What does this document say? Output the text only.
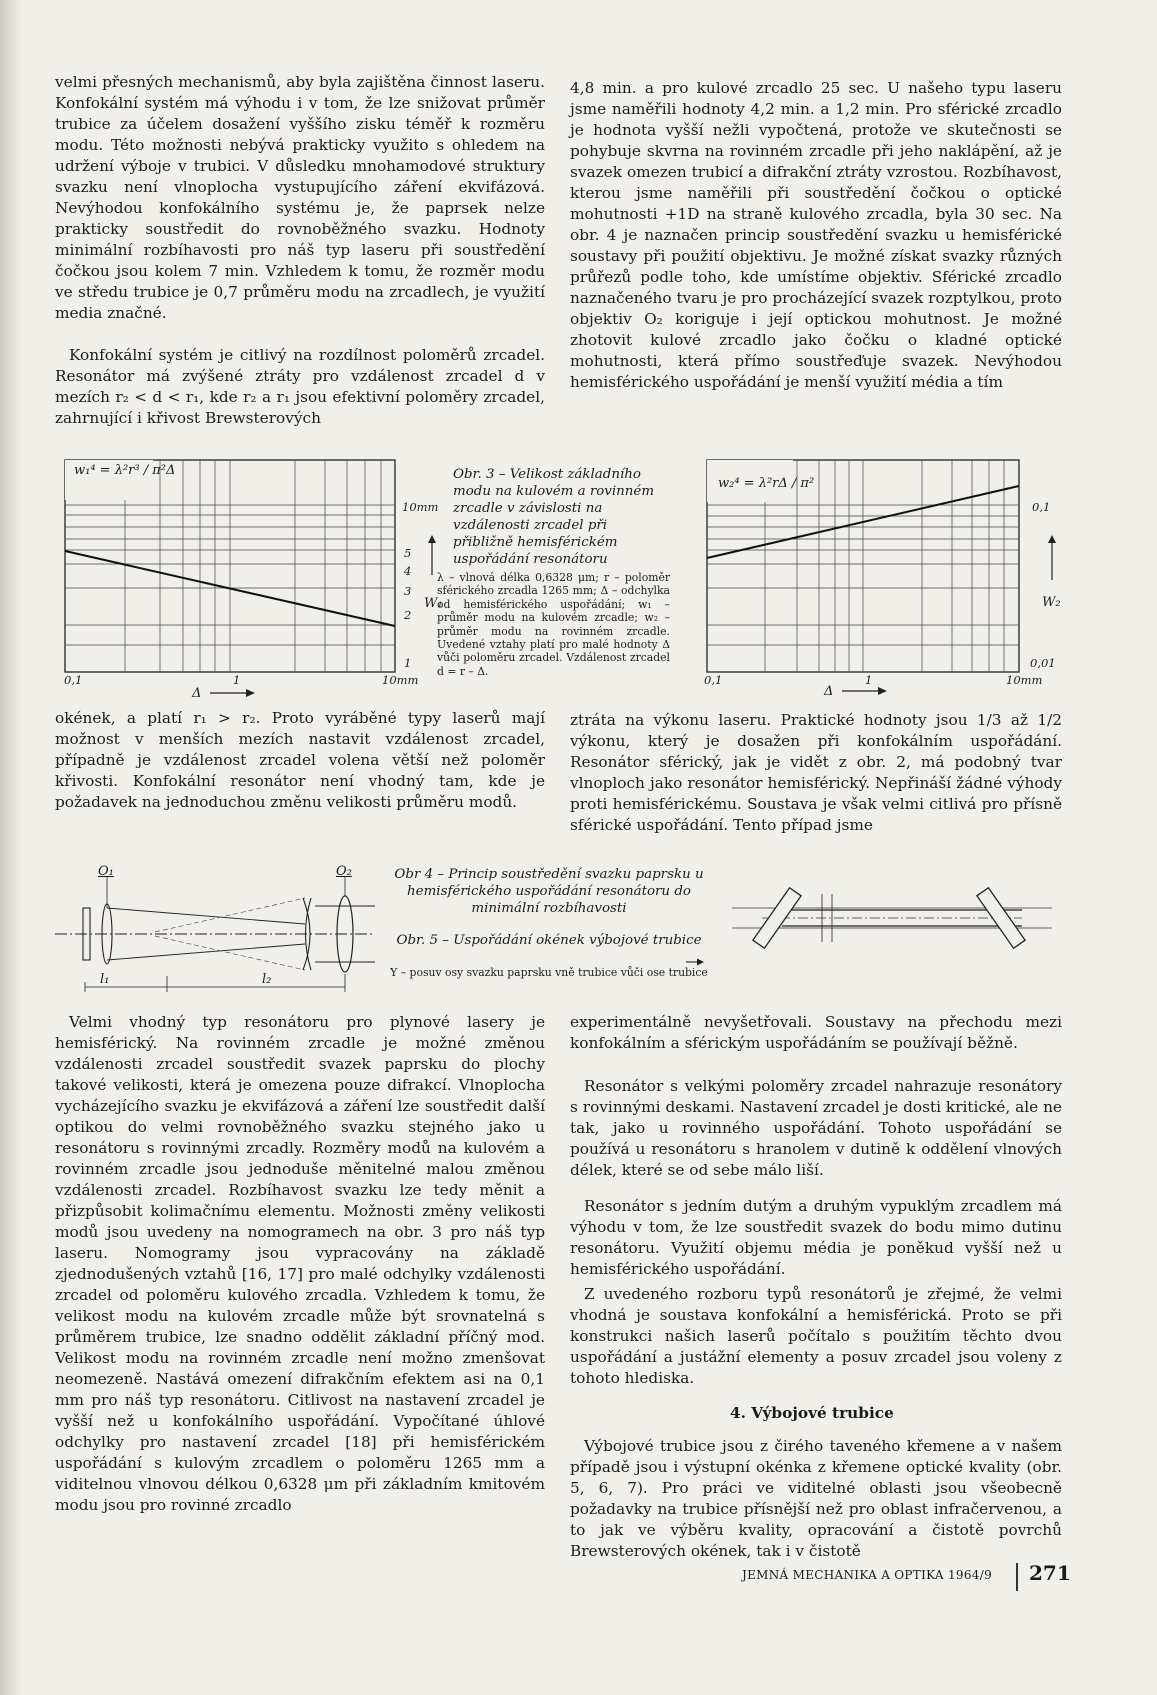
velmi přesných mechanismů, aby byla zajištěna činnost laseru. Konfokální systém má výhodu i v tom, že lze snižovat průměr trubice za účelem dosažení vyššího zisku téměř k rozměru modu. Této možnosti nebývá prakticky využito s ohledem na udržení výboje v trubici. V důsledku mnohamodové struktury svazku není vlnoplocha vystupujícího záření ekvifázová. Nevýhodou konfokálního systému je, že paprsek nelze prakticky soustředit do rovnoběžného svazku. Hodnoty minimální rozbíhavosti pro náš typ laseru při soustředění čočkou jsou kolem 7 min. Vzhledem k tomu, že rozměr modu ve středu trubice je 0,7 průměru modu na zrcadlech, je využití media značné.

Konfokální systém je citlivý na rozdílnost poloměrů zrcadel. Resonátor má zvýšené ztráty pro vzdálenost zrcadel d v mezích r₂ < d < r₁, kde r₂ a r₁ jsou efektivní poloměry zrcadel, zahrnující i křivost Brewsterových

okének, a platí r₁ > r₂. Proto vyráběné typy laserů mají možnost v menších mezích nastavit vzdálenost zrcadel, případně je vzdálenost zrcadel volena větší než poloměr křivosti. Konfokální resonátor není vhodný tam, kde je požadavek na jednoduchou změnu velikosti průměru modů.

Velmi vhodný typ resonátoru pro plynové lasery je hemisférický. Na rovinném zrcadle je možné změnou vzdálenosti zrcadel soustředit svazek paprsku do plochy takové velikosti, která je omezena pouze difrakcí. Vlnoplocha vycházejícího svazku je ekvifázová a záření lze soustředit další optikou do velmi rovnoběžného svazku stejného jako u resonátoru s rovinnými zrcadly. Rozměry modů na kulovém a rovinném zrcadle jsou jednoduše měnitelné malou změnou vzdálenosti zrcadel. Rozbíhavost svazku lze tedy měnit a přizpůsobit kolimačnímu elementu. Možnosti změny velikosti modů jsou uvedeny na nomogramech na obr. 3 pro náš typ laseru. Nomogramy jsou vypracovány na základě zjednodušených vztahů [16, 17] pro malé odchylky vzdálenosti zrcadel od poloměru kulového zrcadla. Vzhledem k tomu, že velikost modu na kulovém zrcadle může být srovnatelná s průměrem trubice, lze snadno oddělit základní příčný mod. Velikost modu na rovinném zrcadle není možno zmenšovat neomezeně. Nastává omezení difrakčním efektem asi na 0,1 mm pro náš typ resonátoru. Citlivost na nastavení zrcadel je vyšší než u konfokálního uspořádání. Vypočítané úhlové odchylky pro nastavení zrcadel [18] při hemisférickém uspořádání s kulovým zrcadlem o poloměru 1265 mm a viditelnou vlnovou délkou 0,6328 μm při základním kmitovém modu jsou pro rovinné zrcadlo

4,8 min. a pro kulové zrcadlo 25 sec. U našeho typu laseru jsme naměřili hodnoty 4,2 min. a 1,2 min. Pro sférické zrcadlo je hodnota vyšší nežli vypočtená, protože ve skutečnosti se pohybuje skvrna na rovinném zrcadle při jeho naklápění, až je svazek omezen trubicí a difrakční ztráty vzrostou. Rozbíhavost, kterou jsme naměřili při soustředění čočkou o optické mohutnosti +1D na straně kulového zrcadla, byla 30 sec. Na obr. 4 je naznačen princip soustředění svazku u hemisférické soustavy při použití objektivu. Je možné získat svazky různých průřezů podle toho, kde umístíme objektiv. Sférické zrcadlo naznačeného tvaru je pro procházející svazek rozptylkou, proto objektiv O₂ koriguje i její optickou mohutnost. Je možné zhotovit kulové zrcadlo jako čočku o kladné optické mohutnosti, která přímo soustřeďuje svazek. Nevýhodou hemisférického uspořádání je menší využití média a tím

ztráta na výkonu laseru. Praktické hodnoty jsou 1/3 až 1/2 výkonu, který je dosažen při konfokálním uspořádání. Resonátor sférický, jak je vidět z obr. 2, má podobný tvar vlnoploch jako resonátor hemisférický. Nepřináší žádné výhody proti hemisférickému. Soustava je však velmi citlivá pro přísně sférické uspořádání. Tento případ jsme

experimentálně nevyšetřovali. Soustavy na přechodu mezi konfokálním a sférickým uspořádáním se používají běžně.

Resonátor s velkými poloměry zrcadel nahrazuje resonátory s rovinnými deskami. Nastavení zrcadel je dosti kritické, ale ne tak, jako u rovinného uspořádání. Tohoto uspořádání se používá u resonátoru s hranolem v dutině k oddělení vlnových délek, které se od sebe málo liší.

Resonátor s jedním dutým a druhým vypuklým zrcadlem má výhodu v tom, že lze soustředit svazek do bodu mimo dutinu resonátoru. Využití objemu média je poněkud vyšší než u hemisférického uspořádání.

Z uvedeného rozboru typů resonátorů je zřejmé, že velmi vhodná je soustava konfokální a hemisférická. Proto se při konstrukci našich laserů počítalo s použitím těchto dvou uspořádání a justážní elementy a posuv zrcadel jsou voleny z tohoto hlediska.

4. Výbojové trubice

Výbojové trubice jsou z čirého taveného křemene a v našem případě jsou i výstupní okénka z křemene optické kvality (obr. 5, 6, 7). Pro práci ve viditelné oblasti jsou všeobecně požadavky na trubice přísnější než pro oblast infračervenou, a to jak ve výběru kvality, opracování a čistotě povrchů Brewsterových okének, tak i v čistotě

w₁⁴ = λ²r³ / π²Δ
10mm
5
4
3
2
1
W₁
0,1	1	10mm
Δ
Obr. 3 – Velikost základního modu na kulovém a rovinném zrcadle v závislosti na vzdálenosti zrcadel při přibližně hemisférickém uspořádání resonátoru
λ – vlnová délka 0,6328 μm; r – poloměr sférického zrcadla 1265 mm; Δ – odchylka od hemisférického uspořádání; w₁ – průměr modu na kulovém zrcadle; w₂ – průměr modu na rovinném zrcadle. Uvedené vztahy platí pro malé hodnoty Δ vůči poloměru zrcadel. Vzdálenost zrcadel d = r – Δ.
w₂⁴ = λ²rΔ / π²
0,1
0,01
W₂
0,1	1	10mm
Δ
O₁	O₂
l₁	l₂
Obr 4 – Princip soustředění svazku paprsku u hemisférického uspořádání resonátoru do minimální rozbíhavosti
Obr. 5 – Uspořádání okének výbojové trubice
Y – posuv osy svazku paprsku vně trubice vůči ose trubice
JEMNÁ MECHANIKA A OPTIKA 1964/9 271
